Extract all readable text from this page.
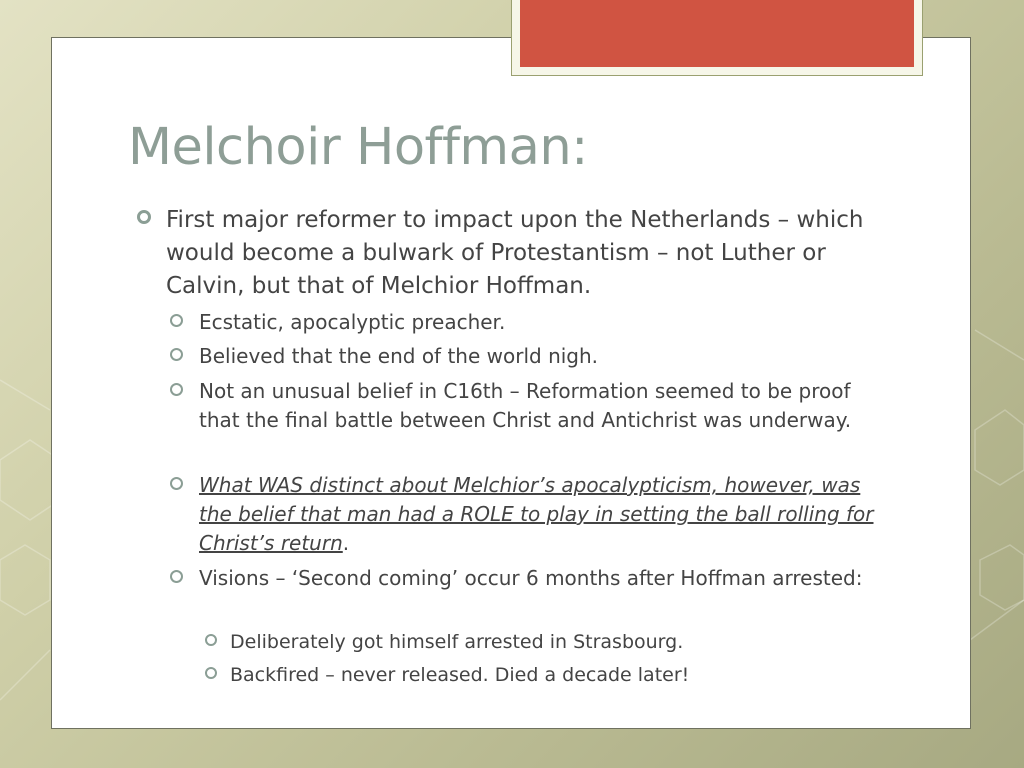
Melchoir Hoffman:

First major reformer to impact upon the Netherlands – which would become a bulwark of Protestantism – not Luther or Calvin, but that of Melchior Hoffman.

Ecstatic, apocalyptic preacher.

Believed that the end of the world nigh.

Not an unusual belief in C16th – Reformation seemed to be proof that the final battle between Christ and Antichrist was underway.

What WAS distinct about Melchior’s apocalypticism, however, was the belief that man had a ROLE to play in setting the ball rolling for Christ’s return.

Visions – ‘Second coming’ occur 6 months after Hoffman arrested:

Deliberately got himself arrested in Strasbourg.

Backfired – never released. Died a decade later!
